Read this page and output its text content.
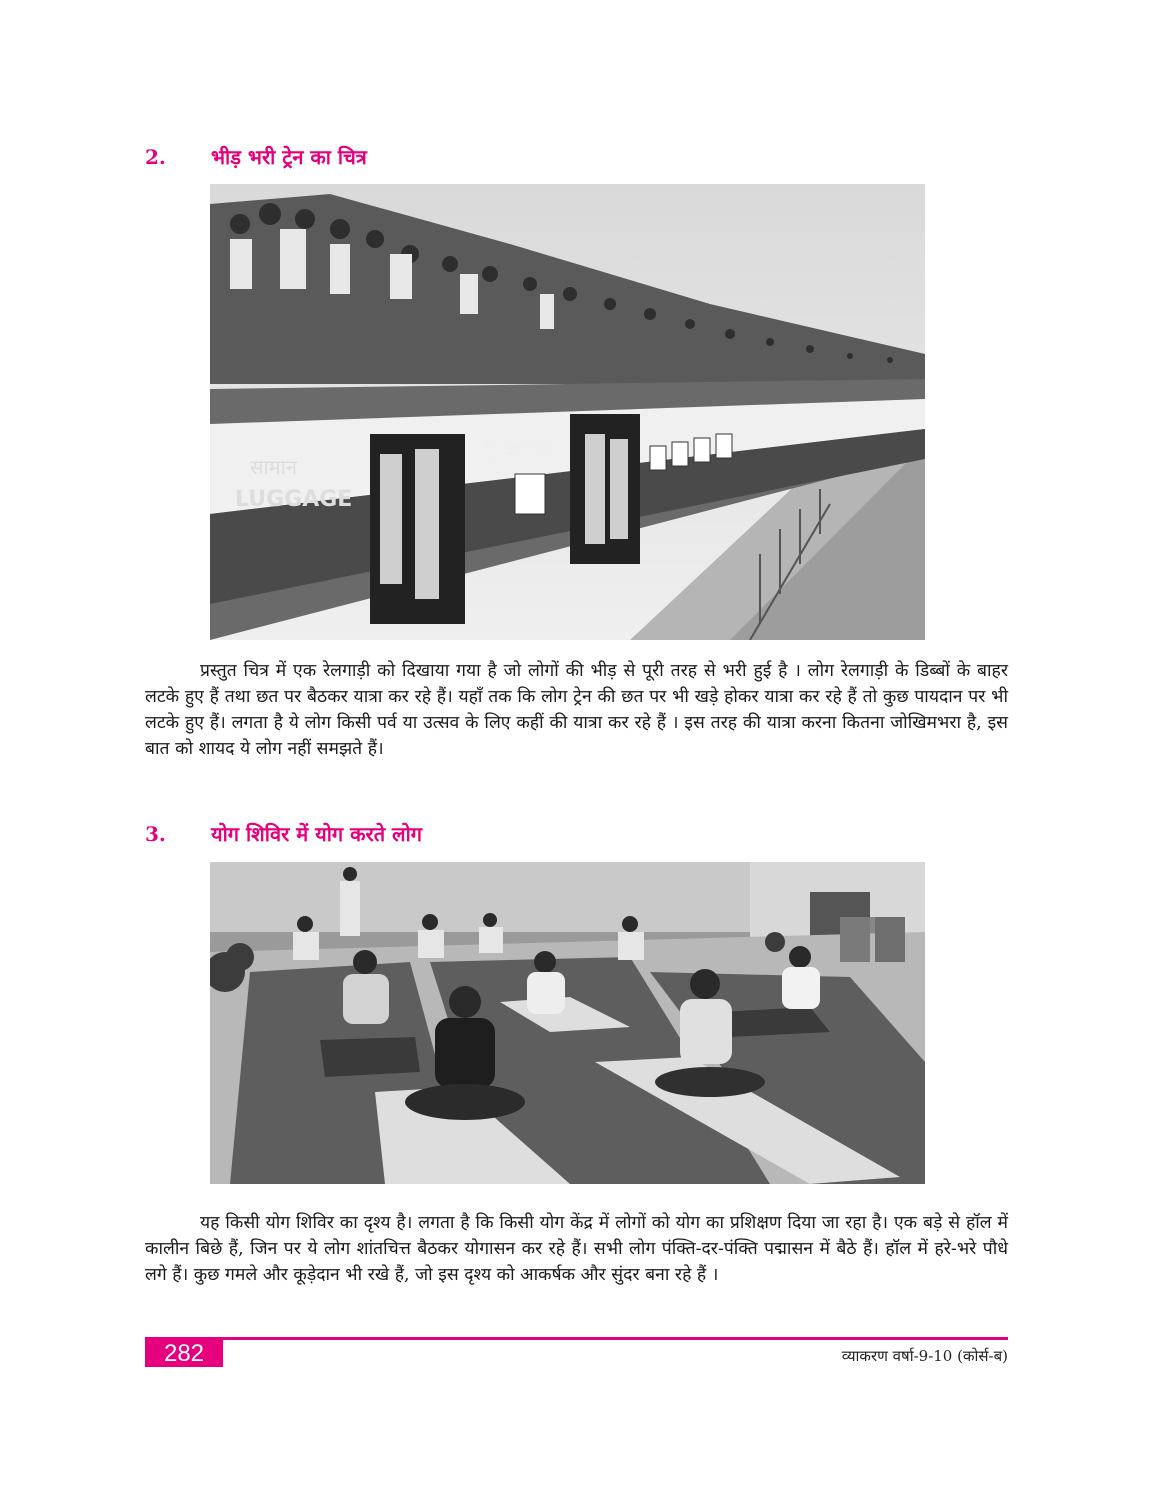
2.	भीड़ भरी ट्रेन का चित्र
सामान
LUGGAGE
उम
NC 98730

प्रस्तुत चित्र में एक रेलगाड़ी को दिखाया गया है जो लोगों की भीड़ से पूरी तरह से भरी हुई है । लोग रेलगाड़ी के डिब्बों के बाहर लटके हुए हैं तथा छत पर बैठकर यात्रा कर रहे हैं। यहाँ तक कि लोग ट्रेन की छत पर भी खड़े होकर यात्रा कर रहे हैं तो कुछ पायदान पर भी लटके हुए हैं। लगता है ये लोग किसी पर्व या उत्सव के लिए कहीं की यात्रा कर रहे हैं । इस तरह की यात्रा करना कितना जोखिमभरा है, इस बात को शायद ये लोग नहीं समझते हैं।

3.	योग शिविर में योग करते लोग

यह किसी योग शिविर का दृश्य है। लगता है कि किसी योग केंद्र में लोगों को योग का प्रशिक्षण दिया जा रहा है। एक बड़े से हॉल में कालीन बिछे हैं, जिन पर ये लोग शांतचित्त बैठकर योगासन कर रहे हैं। सभी लोग पंक्ति-दर-पंक्ति पद्मासन में बैठे हैं। हॉल में हरे-भरे पौधे लगे हैं। कुछ गमले और कूड़ेदान भी रखे हैं, जो इस दृश्य को आकर्षक और सुंदर बना रहे हैं ।

282	व्याकरण वर्षा-9-10 (कोर्स-ब)
